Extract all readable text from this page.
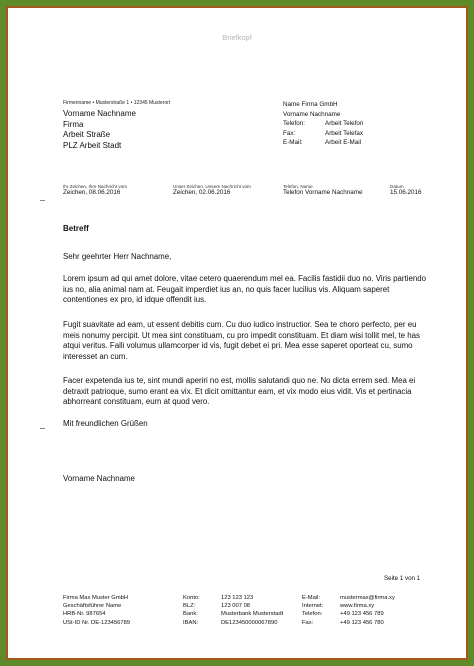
Briefkopf
Firmenname • Musterstraße 1 • 12345 Musterort
Vorname Nachname
Firma
Arbeit Straße
PLZ Arbeit Stadt
Name Firma GmbH
Vorname Nachname
Telefon:	Arbeit Telefon
Fax:	Arbeit Telefax
E-Mail:	Arbeit E-Mail
Ihr Zeichen, Ihre Nachricht vom
Zeichen, 08.06.2016
Unser Zeichen, Unsere Nachricht vom
Zeichen, 02.06.2016
Telefon, Name
Telefon Vorname Nachname
Datum
15.06.2016
Betreff
Sehr geehrter Herr Nachname,
Lorem ipsum ad qui amet dolore, vitae cetero quaerendum mel ea. Facilis fastidii duo no. Viris partiendo ius no, alia animal nam at. Feugait imperdiet ius an, no quis facer lucilius vis. Aliquam saperet contentiones ex pro, id idque offendit ius.
Fugit suavitate ad eam, ut essent debitis cum. Cu duo iudico instructior. Sea te choro perfecto, per eu meis nonumy percipit. Ut mea sint constituam, cu pro impedit constituam. Et diam wisi tollit mel, te has atqui veritus. Falli volumus ullamcorper id vis, fugit debet ei pri. Mea esse saperet oporteat cu, sumo interesset an cum.
Facer expetenda ius te, sint mundi aperiri no est, mollis salutandi quo ne. No dicta errem sed. Mea ei detraxit patrioque, sumo erant ea vix. Et dicit omittantur eam, et vix modo eius vidit. Vis et pertinacia abhorreant constituam, eum at quod vero.
Mit freundlichen Grüßen
Vorname Nachname
Seite 1 von 1
Firma Max Muster GmbH
Geschäftsführer Name
HRB-Nr. 987654
USt-ID Nr. DE-123456789
Konto:	123 123 123
BLZ:	123 007 08
Bank:	Musterbank Musterstadt
IBAN:	DE123450000067890
E-Mail:	mustermax@firma.xy
Internet:	www.firma.xy
Telefon:	+49 123 456 789
Fax:	+49 123 456 780
